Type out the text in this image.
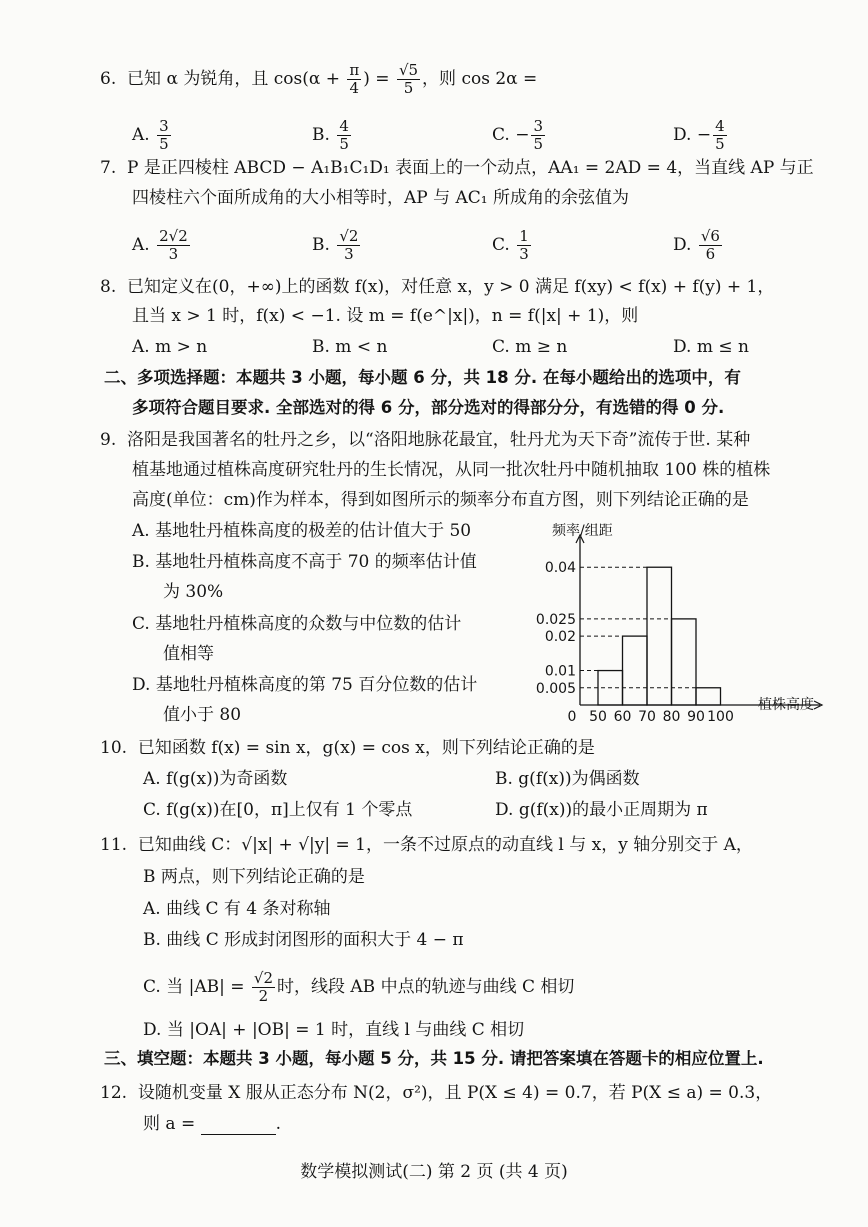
6. 已知 α 为锐角，且 $\cos(\alpha + \frac{\pi}{4}$ ) = $\frac{√5}{5}$ ，则 cos 2α =
A. $\frac{3}{5}$	B. $\frac{4}{5}$	C. − $\frac{3}{5}$	D. − $\frac{4}{5}$
7. P 是正四棱柱 ABCD − A₁B₁C₁D₁ 表面上的一个动点，AA₁ = 2AD = 4，当直线 AP 与正
四棱柱六个面所成角的大小相等时，AP 与 AC₁ 所成角的余弦值为
A. $\frac{2√2}{3}$	B. $\frac{√2}{3}$	C. $\frac{1}{3}$	D. $\frac{√6}{6}$
8. 已知定义在(0，+∞)上的函数 f(x)，对任意 x，y > 0 满足 f(xy) < f(x) + f(y) + 1，
且当 x > 1 时，f(x) < −1. 设 m = f(e^|x|)，n = f(|x| + 1)，则
A. m > n	B. m < n	C. m ≥ n	D. m ≤ n
二、多项选择题：本题共 3 小题，每小题 6 分，共 18 分. 在每小题给出的选项中，有
多项符合题目要求. 全部选对的得 6 分，部分选对的得部分分，有选错的得 0 分.
9. 洛阳是我国著名的牡丹之乡，以“洛阳地脉花最宜，牡丹尤为天下奇”流传于世. 某种
植基地通过植株高度研究牡丹的生长情况，从同一批次牡丹中随机抽取 100 株的植株
高度(单位：cm)作为样本，得到如图所示的频率分布直方图，则下列结论正确的是
A. 基地牡丹植株高度的极差的估计值大于 50
B. 基地牡丹植株高度不高于 70 的频率估计值
为 30%
C. 基地牡丹植株高度的众数与中位数的估计
值相等
D. 基地牡丹植株高度的第 75 百分位数的估计
值小于 80
0.04
0.025
0.02
0.01
0.005
0 50 60 70 80 90 100
频率/组距
植株高度
10. 已知函数 f(x) = sin x，g(x) = cos x，则下列结论正确的是
A. f(g(x))为奇函数	B. g(f(x))为偶函数
C. f(g(x))在[0，π]上仅有 1 个零点	D. g(f(x))的最小正周期为 π
11. 已知曲线 C：√|x| + √|y| = 1，一条不过原点的动直线 l 与 x，y 轴分别交于 A，
B 两点，则下列结论正确的是
A. 曲线 C 有 4 条对称轴
B. 曲线 C 形成封闭图形的面积大于 4 − π
C. 当 $|AB| = \frac{√2}{2}$ 时，线段 AB 中点的轨迹与曲线 C 相切
D. 当 |OA| + |OB| = 1 时，直线 l 与曲线 C 相切
三、填空题：本题共 3 小题，每小题 5 分，共 15 分. 请把答案填在答题卡的相应位置上.
12. 设随机变量 X 服从正态分布 N(2，σ²)，且 P(X ≤ 4) = 0.7，若 P(X ≤ a) = 0.3，
则 a =	.
数学模拟测试(二) 第 2 页 (共 4 页)
